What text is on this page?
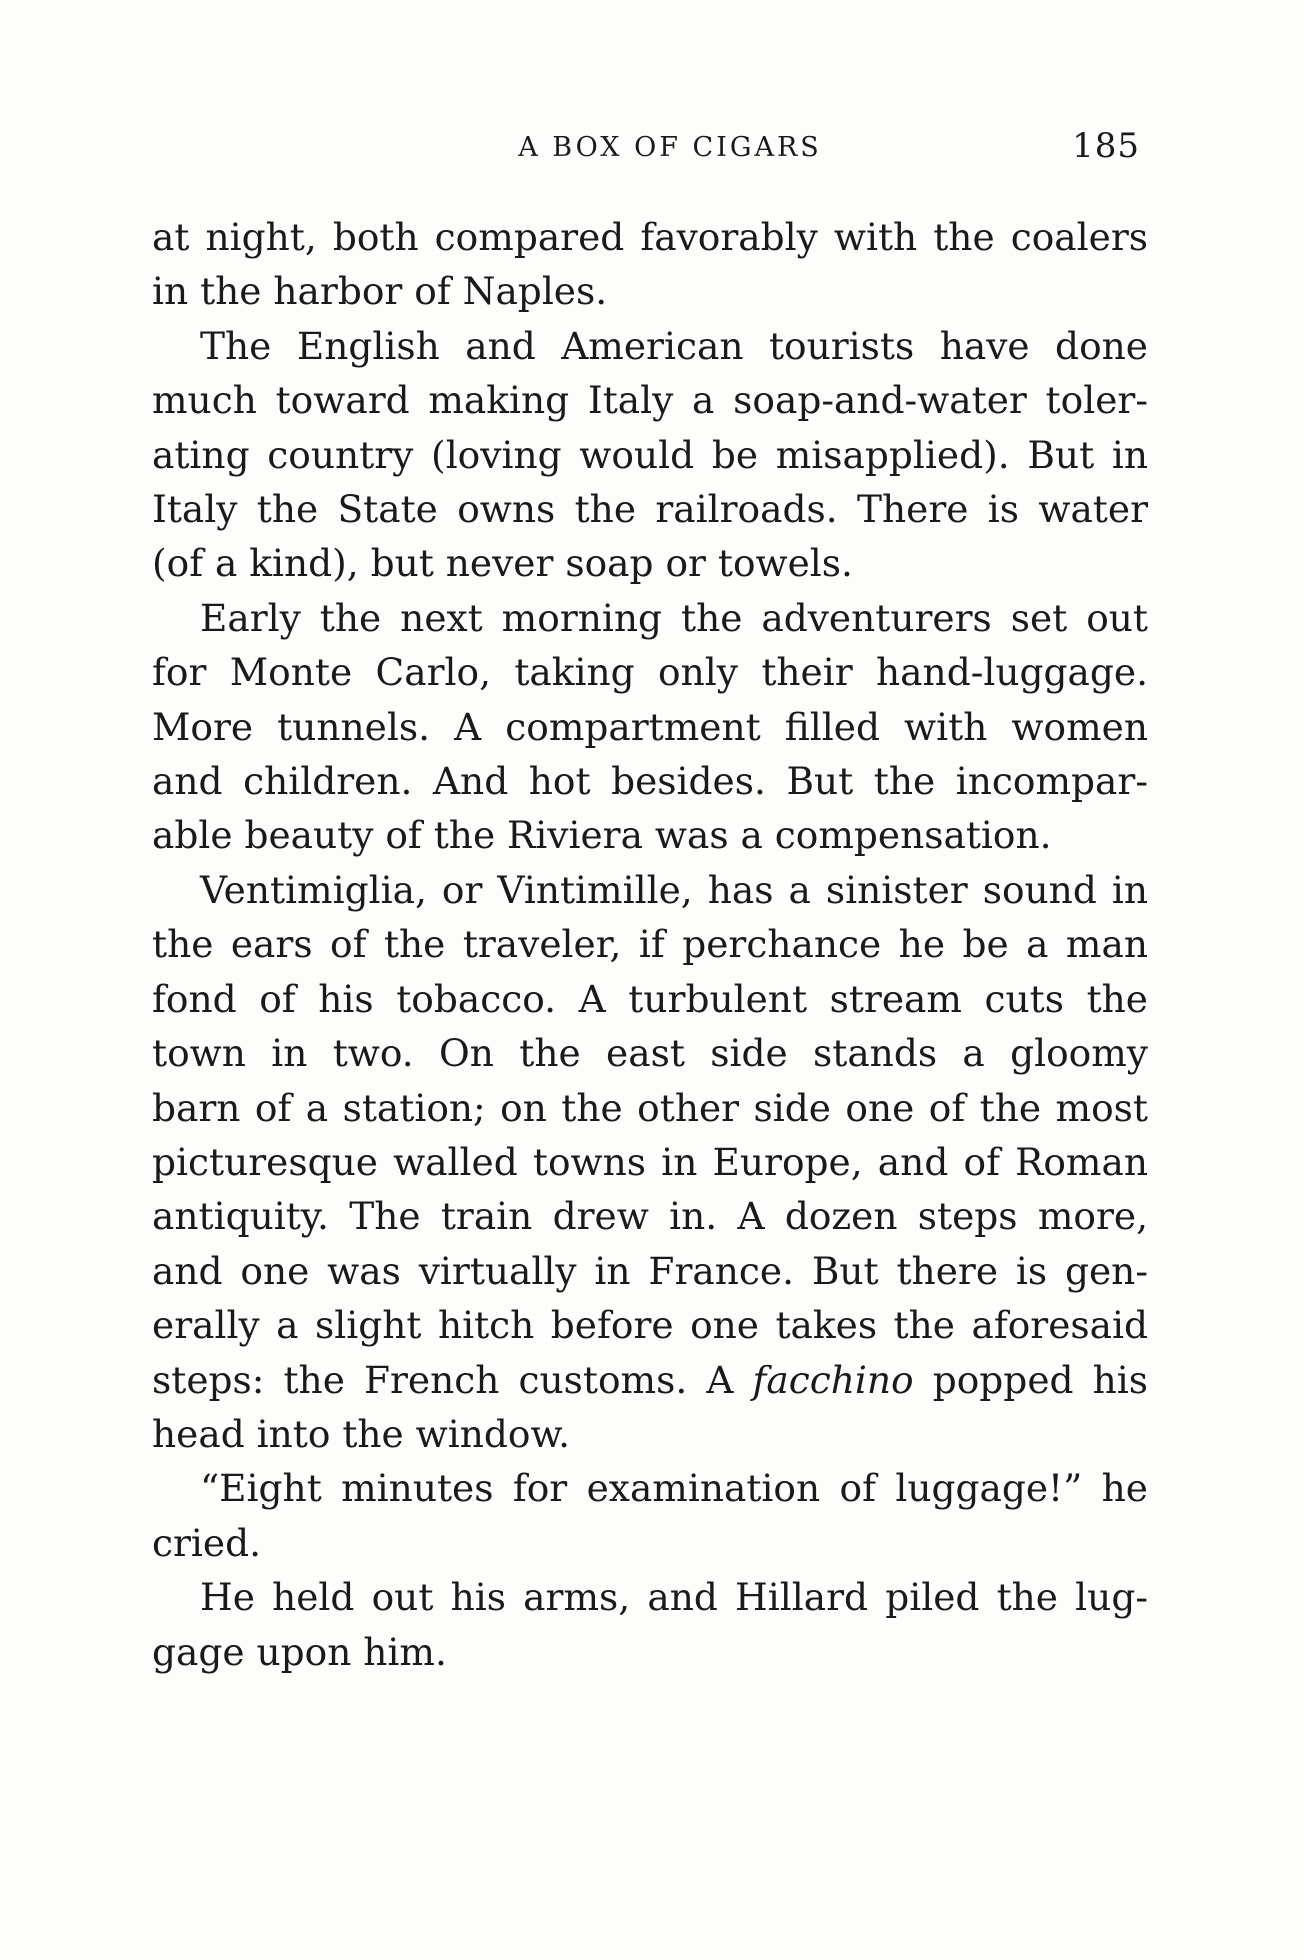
A BOX OF CIGARS	185

at night, both compared favorably with the coalers
in the harbor of Naples.

The English and American tourists have done
much toward making Italy a soap-and-water toler-
ating country (loving would be misapplied). But in
Italy the State owns the railroads. There is water
(of a kind), but never soap or towels.

Early the next morning the adventurers set out
for Monte Carlo, taking only their hand-luggage.
More tunnels. A compartment filled with women
and children. And hot besides. But the incompar-
able beauty of the Riviera was a compensation.

Ventimiglia, or Vintimille, has a sinister sound in
the ears of the traveler, if perchance he be a man
fond of his tobacco. A turbulent stream cuts the
town in two. On the east side stands a gloomy
barn of a station; on the other side one of the most
picturesque walled towns in Europe, and of Roman
antiquity. The train drew in. A dozen steps more,
and one was virtually in France. But there is gen-
erally a slight hitch before one takes the aforesaid
steps: the French customs. A facchino popped his
head into the window.

“Eight minutes for examination of luggage!” he
cried.

He held out his arms, and Hillard piled the lug-
gage upon him.
